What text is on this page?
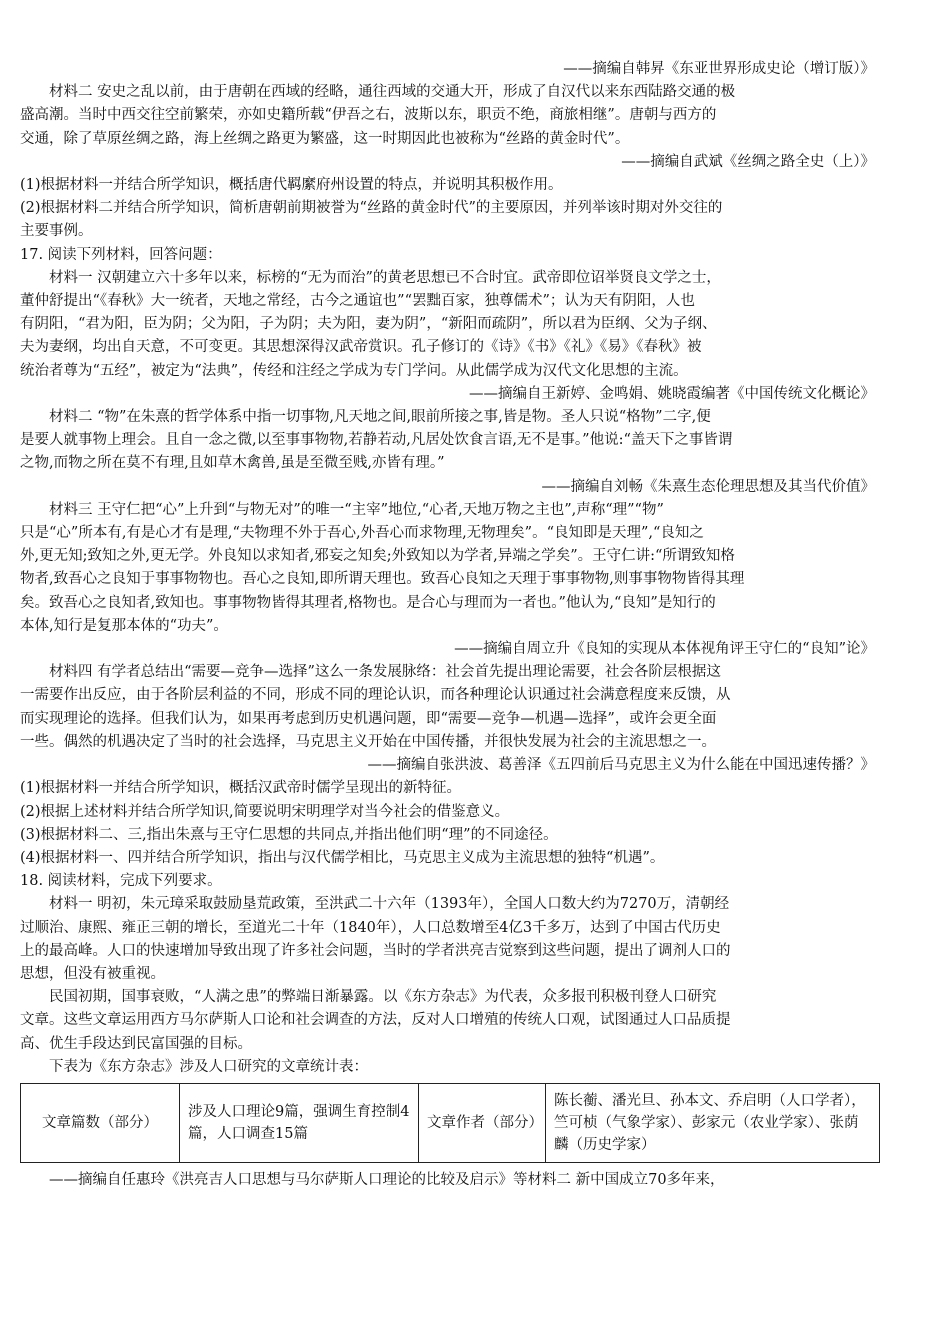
——摘编自韩昇《东亚世界形成史论（增订版）》

材料二 安史之乱以前，由于唐朝在西域的经略，通往西域的交通大开，形成了自汉代以来东西陆路交通的极

盛高潮。当时中西交往空前繁荣，亦如史籍所载“伊吾之右，波斯以东，职贡不绝，商旅相继”。唐朝与西方的

交通，除了草原丝绸之路，海上丝绸之路更为繁盛，这一时期因此也被称为“丝路的黄金时代”。

——摘编自武斌《丝绸之路全史（上）》

(1)根据材料一并结合所学知识，概括唐代羁縻府州设置的特点，并说明其积极作用。

(2)根据材料二并结合所学知识，简析唐朝前期被誉为“丝路的黄金时代”的主要原因，并列举该时期对外交往的

主要事例。

17. 阅读下列材料，回答问题：

材料一 汉朝建立六十多年以来，标榜的“无为而治”的黄老思想已不合时宜。武帝即位诏举贤良文学之士，

董仲舒提出“《春秋》大一统者，天地之常经，古今之通谊也”“罢黜百家，独尊儒术”；认为天有阴阳，人也

有阴阳，“君为阳，臣为阴；父为阳，子为阴；夫为阳，妻为阴”，“新阳而疏阴”，所以君为臣纲、父为子纲、

夫为妻纲，均出自天意，不可变更。其思想深得汉武帝赏识。孔子修订的《诗》《书》《礼》《易》《春秋》被

统治者尊为“五经”，被定为“法典”，传经和注经之学成为专门学问。从此儒学成为汉代文化思想的主流。

——摘编自王新婷、金鸣娟、姚晓霞编著《中国传统文化概论》

材料二 “物”在朱熹的哲学体系中指一切事物,凡天地之间,眼前所接之事,皆是物。圣人只说“格物”二字,便

是要人就事物上理会。且自一念之微,以至事事物物,若静若动,凡居处饮食言语,无不是事。”他说:“盖天下之事皆谓

之物,而物之所在莫不有理,且如草木禽兽,虽是至微至贱,亦皆有理。”

——摘编自刘畅《朱熹生态伦理思想及其当代价值》

材料三 王守仁把“心”上升到“与物无对”的唯一“主宰”地位,“心者,天地万物之主也”,声称“理”“物”

只是“心”所本有,有是心才有是理,“夫物理不外于吾心,外吾心而求物理,无物理矣”。“良知即是天理”,“良知之

外,更无知;致知之外,更无学。外良知以求知者,邪妄之知矣;外致知以为学者,异端之学矣”。王守仁讲:“所谓致知格

物者,致吾心之良知于事事物物也。吾心之良知,即所谓天理也。致吾心良知之天理于事事物物,则事事物物皆得其理

矣。致吾心之良知者,致知也。事事物物皆得其理者,格物也。是合心与理而为一者也。”他认为,“良知”是知行的

本体,知行是复那本体的“功夫”。

——摘编自周立升《良知的实现从本体视角评王守仁的“良知”论》

材料四 有学者总结出“需要—竞争—选择”这么一条发展脉络：社会首先提出理论需要，社会各阶层根据这

一需要作出反应，由于各阶层利益的不同，形成不同的理论认识，而各种理论认识通过社会满意程度来反馈，从

而实现理论的选择。但我们认为，如果再考虑到历史机遇问题，即“需要—竞争—机遇—选择”，或许会更全面

一些。偶然的机遇决定了当时的社会选择，马克思主义开始在中国传播，并很快发展为社会的主流思想之一。

——摘编自张洪波、葛善泽《五四前后马克思主义为什么能在中国迅速传播？》

(1)根据材料一并结合所学知识，概括汉武帝时儒学呈现出的新特征。

(2)根据上述材料并结合所学知识,简要说明宋明理学对当今社会的借鉴意义。

(3)根据材料二、三,指出朱熹与王守仁思想的共同点,并指出他们明“理”的不同途径。

(4)根据材料一、四并结合所学知识，指出与汉代儒学相比，马克思主义成为主流思想的独特“机遇”。

18. 阅读材料，完成下列要求。

材料一 明初，朱元璋采取鼓励垦荒政策，至洪武二十六年（1393年），全国人口数大约为7270万，清朝经

过顺治、康熙、雍正三朝的增长，至道光二十年（1840年），人口总数增至4亿3千多万，达到了中国古代历史

上的最高峰。人口的快速增加导致出现了许多社会问题，当时的学者洪亮吉觉察到这些问题，提出了调剂人口的

思想，但没有被重视。

民国初期，国事衰败，“人满之患”的弊端日渐暴露。以《东方杂志》为代表，众多报刊积极刊登人口研究

文章。这些文章运用西方马尔萨斯人口论和社会调查的方法，反对人口增殖的传统人口观，试图通过人口品质提

高、优生手段达到民富国强的目标。

下表为《东方杂志》涉及人口研究的文章统计表：

文章篇数（部分）	涉及人口理论9篇，强调生育控制4篇，人口调查15篇	文章作者（部分）	陈长蘅、潘光旦、孙本文、乔启明（人口学者），竺可桢（气象学家）、彭家元（农业学家）、张荫麟（历史学家）

——摘编自任惠玲《洪亮吉人口思想与马尔萨斯人口理论的比较及启示》等材料二 新中国成立70多年来，
